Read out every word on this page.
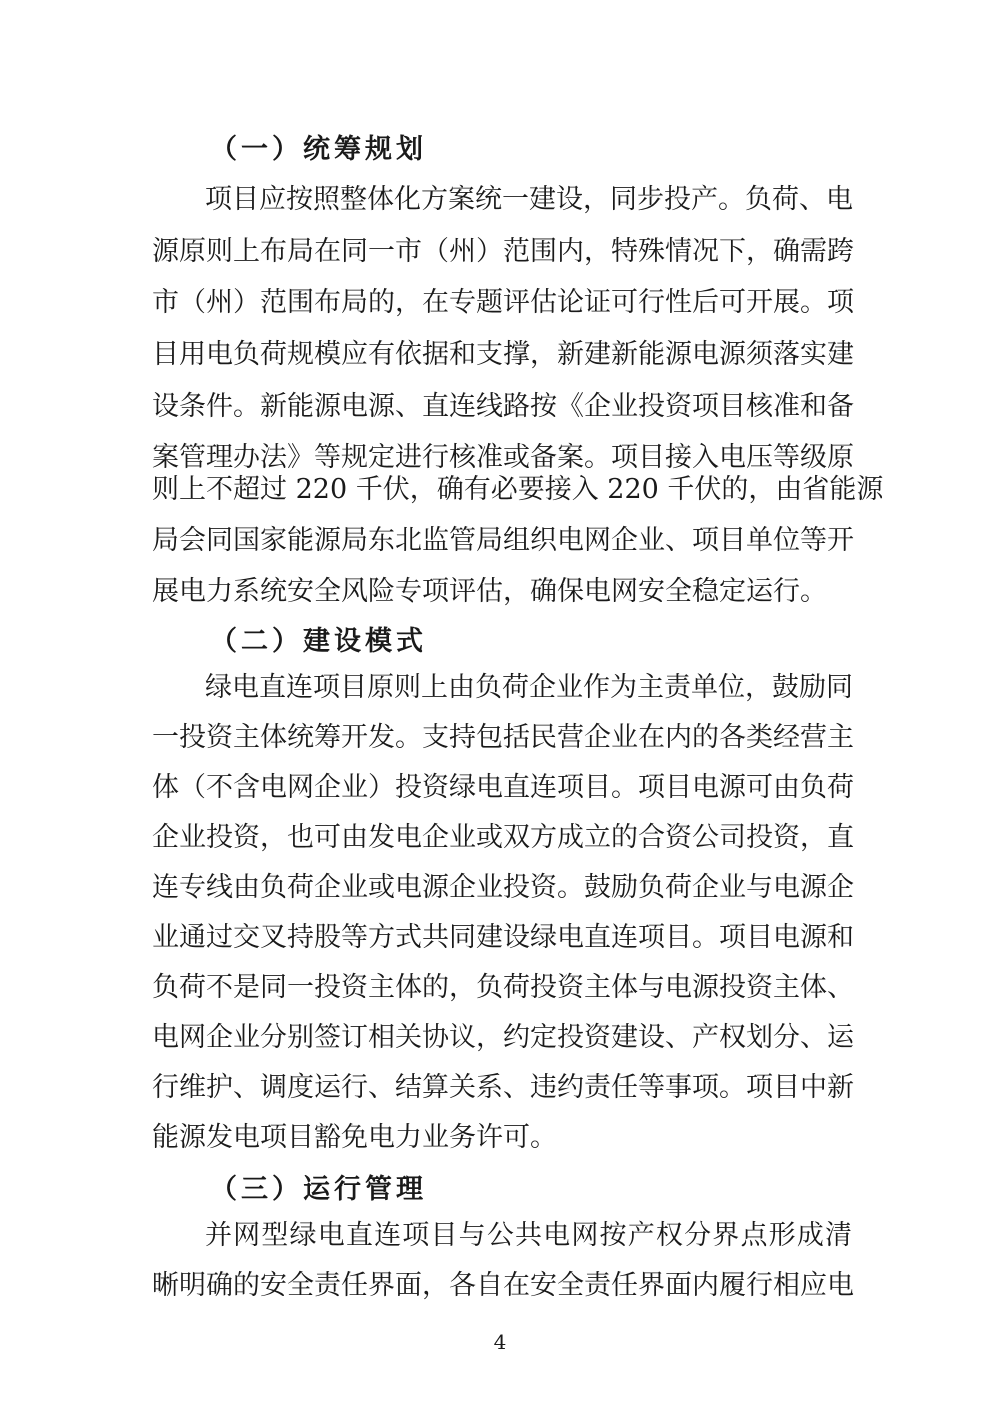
（一）统筹规划
项目应按照整体化方案统一建设，同步投产。负荷、电
源原则上布局在同一市（州）范围内，特殊情况下，确需跨
市（州）范围布局的，在专题评估论证可行性后可开展。项
目用电负荷规模应有依据和支撑，新建新能源电源须落实建
设条件。新能源电源、直连线路按《企业投资项目核准和备
案管理办法》等规定进行核准或备案。项目接入电压等级原
则上不超过 220 千伏，确有必要接入 220 千伏的，由省能源
局会同国家能源局东北监管局组织电网企业、项目单位等开
展电力系统安全风险专项评估，确保电网安全稳定运行。
（二）建设模式
绿电直连项目原则上由负荷企业作为主责单位，鼓励同
一投资主体统筹开发。支持包括民营企业在内的各类经营主
体（不含电网企业）投资绿电直连项目。项目电源可由负荷
企业投资，也可由发电企业或双方成立的合资公司投资，直
连专线由负荷企业或电源企业投资。鼓励负荷企业与电源企
业通过交叉持股等方式共同建设绿电直连项目。项目电源和
负荷不是同一投资主体的，负荷投资主体与电源投资主体、
电网企业分别签订相关协议，约定投资建设、产权划分、运
行维护、调度运行、结算关系、违约责任等事项。项目中新
能源发电项目豁免电力业务许可。
（三）运行管理
并网型绿电直连项目与公共电网按产权分界点形成清
晰明确的安全责任界面，各自在安全责任界面内履行相应电
4
